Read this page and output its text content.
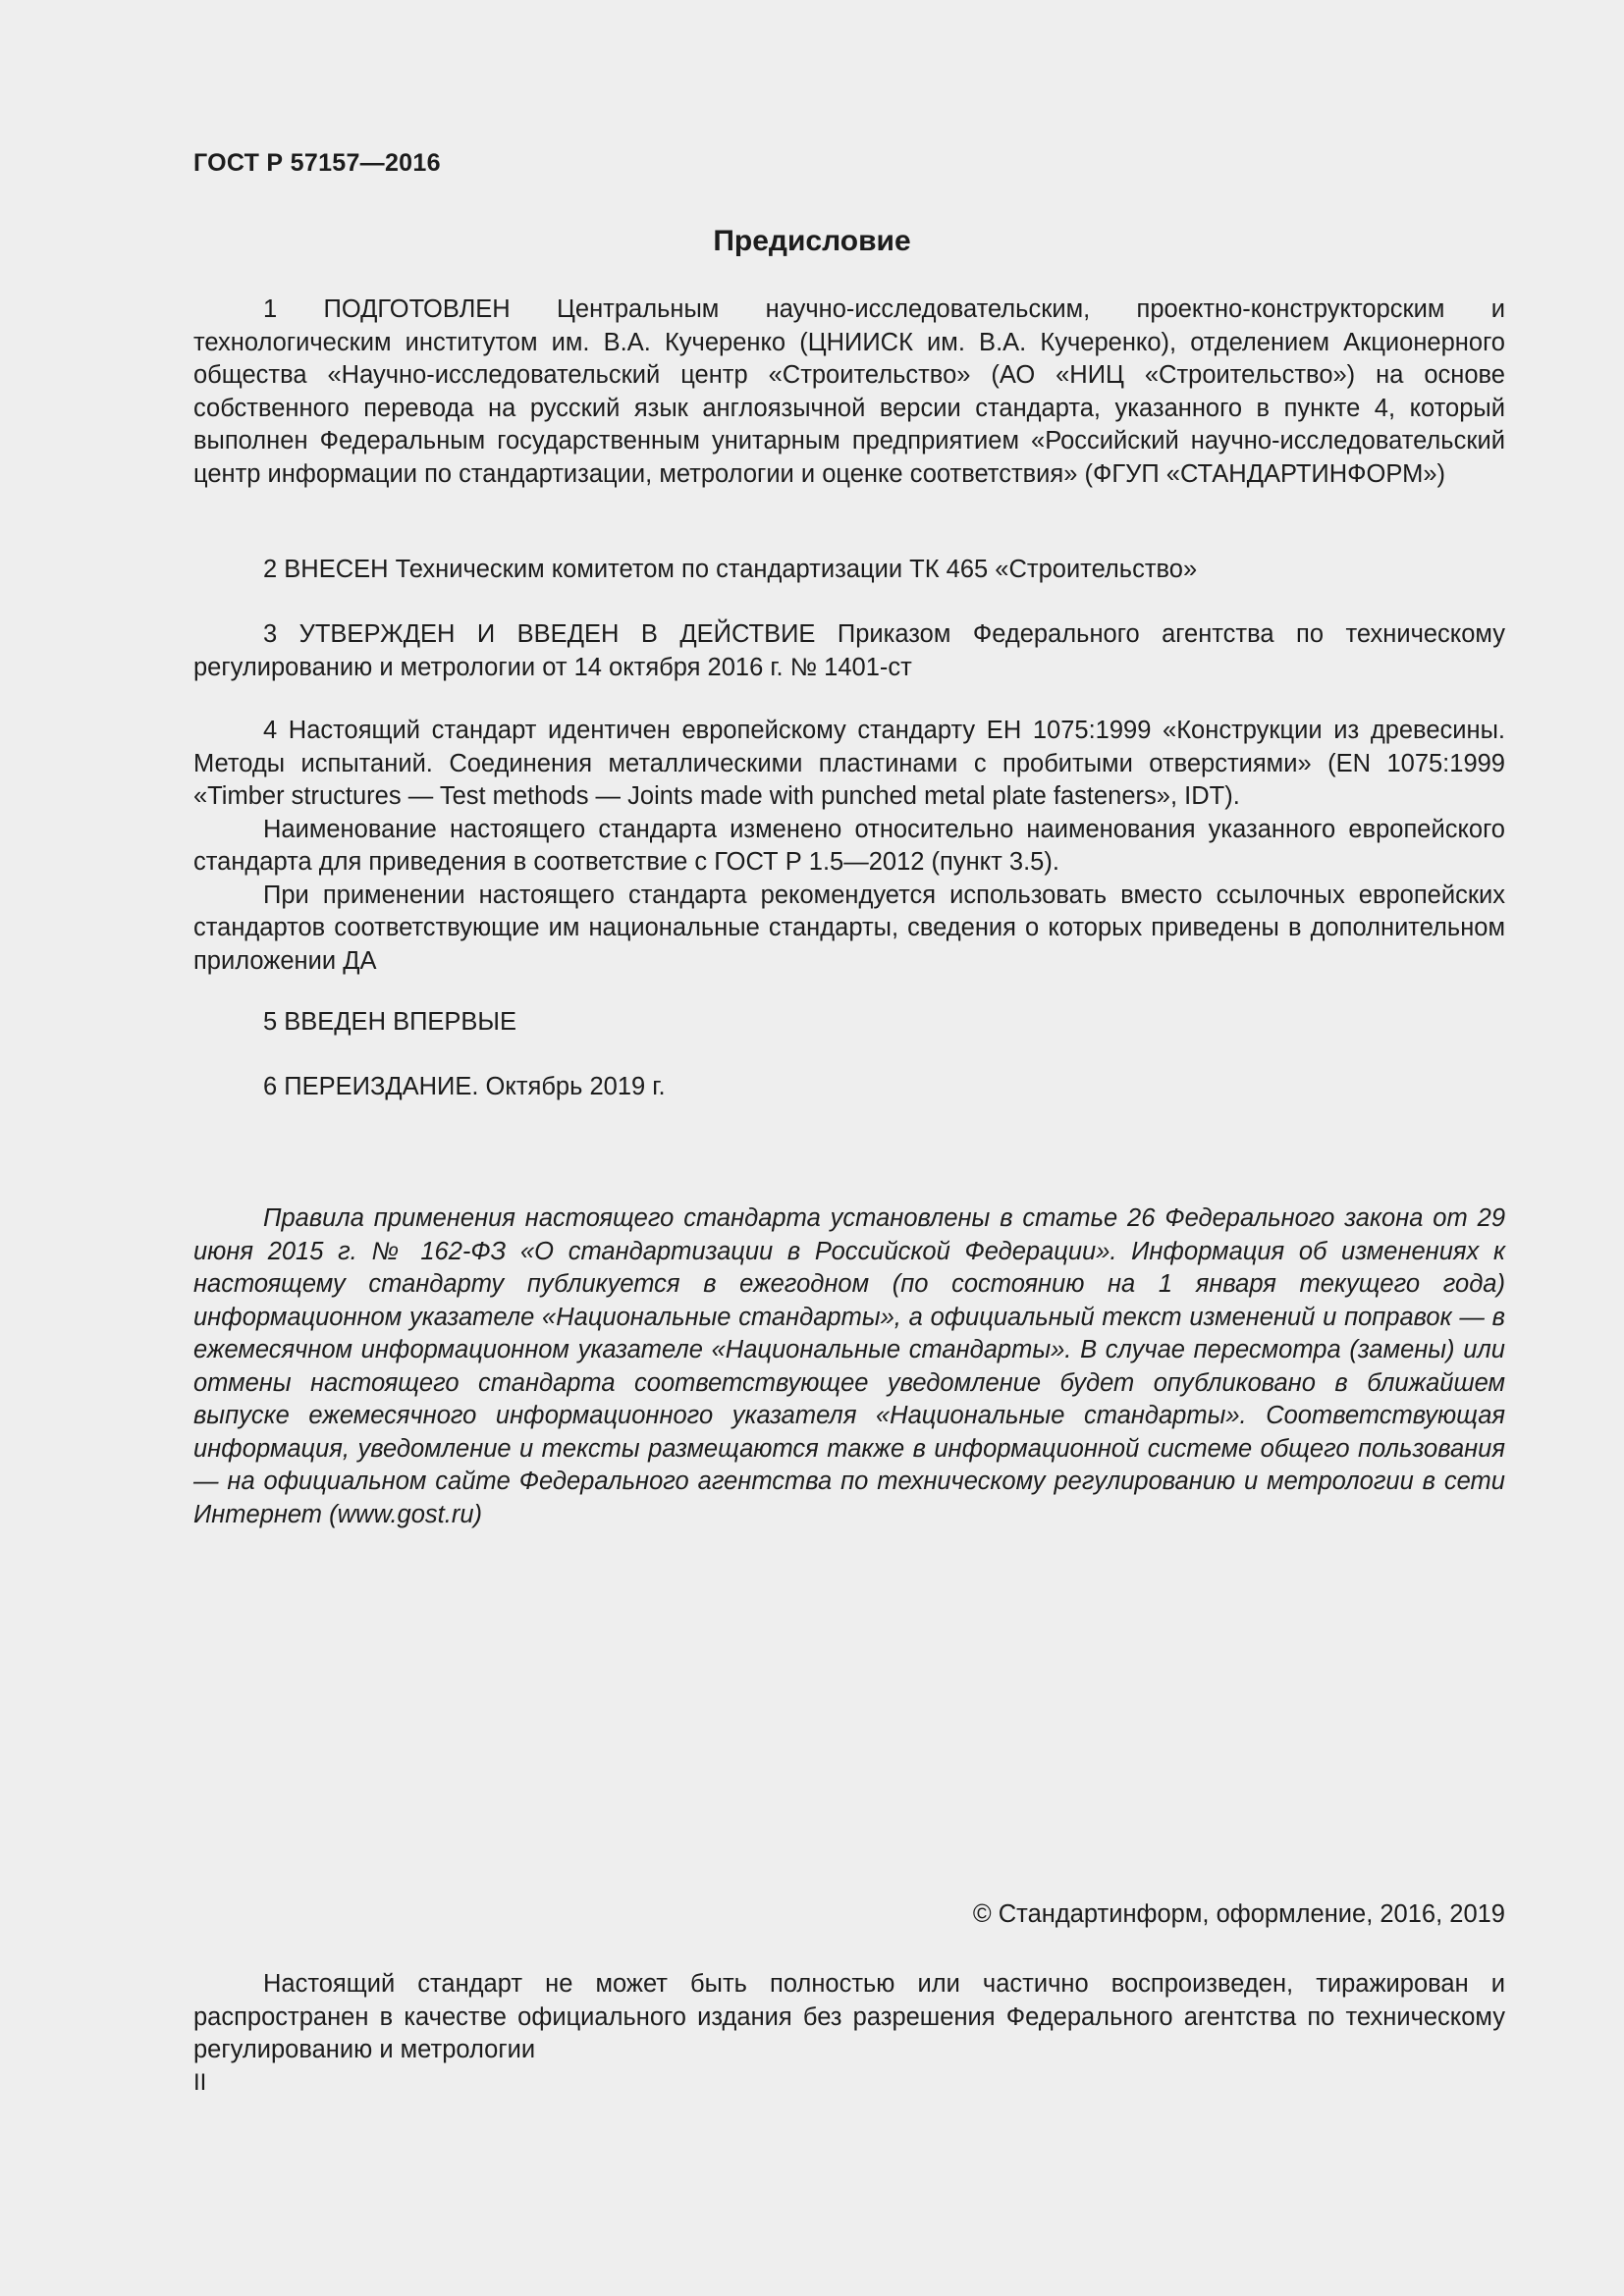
ГОСТ Р 57157—2016
Предисловие

1 ПОДГОТОВЛЕН Центральным научно-исследовательским, проектно-конструкторским и технологическим институтом им. В.А. Кучеренко (ЦНИИСК им. В.А. Кучеренко), отделением Акционерного общества «Научно-исследовательский центр «Строительство» (АО «НИЦ «Строительство») на основе собственного перевода на русский язык англоязычной версии стандарта, указанного в пункте 4, который выполнен Федеральным государственным унитарным предприятием «Российский научно-исследовательский центр информации по стандартизации, метрологии и оценке соответствия» (ФГУП «СТАНДАРТИНФОРМ»)

2 ВНЕСЕН Техническим комитетом по стандартизации ТК 465 «Строительство»

3 УТВЕРЖДЕН И ВВЕДЕН В ДЕЙСТВИЕ Приказом Федерального агентства по техническому регулированию и метрологии от 14 октября 2016 г. № 1401-ст

4 Настоящий стандарт идентичен европейскому стандарту ЕН 1075:1999 «Конструкции из древесины. Методы испытаний. Соединения металлическими пластинами с пробитыми отверстиями» (EN 1075:1999 «Timber structures — Test methods — Joints made with punched metal plate fasteners», IDT).

Наименование настоящего стандарта изменено относительно наименования указанного европейского стандарта для приведения в соответствие с ГОСТ Р 1.5—2012 (пункт 3.5).

При применении настоящего стандарта рекомендуется использовать вместо ссылочных европейских стандартов соответствующие им национальные стандарты, сведения о которых приведены в дополнительном приложении ДА

5 ВВЕДЕН ВПЕРВЫЕ

6 ПЕРЕИЗДАНИЕ. Октябрь 2019 г.

Правила применения настоящего стандарта установлены в статье 26 Федерального закона от 29 июня 2015 г. № 162-ФЗ «О стандартизации в Российской Федерации». Информация об изменениях к настоящему стандарту публикуется в ежегодном (по состоянию на 1 января текущего года) информационном указателе «Национальные стандарты», а официальный текст изменений и поправок — в ежемесячном информационном указателе «Национальные стандарты». В случае пересмотра (замены) или отмены настоящего стандарта соответствующее уведомление будет опубликовано в ближайшем выпуске ежемесячного информационного указателя «Национальные стандарты». Соответствующая информация, уведомление и тексты размещаются также в информационной системе общего пользования — на официальном сайте Федерального агентства по техническому регулированию и метрологии в сети Интернет (www.gost.ru)

© Стандартинформ, оформление, 2016, 2019

Настоящий стандарт не может быть полностью или частично воспроизведен, тиражирован и распространен в качестве официального издания без разрешения Федерального агентства по техническому регулированию и метрологии

II
